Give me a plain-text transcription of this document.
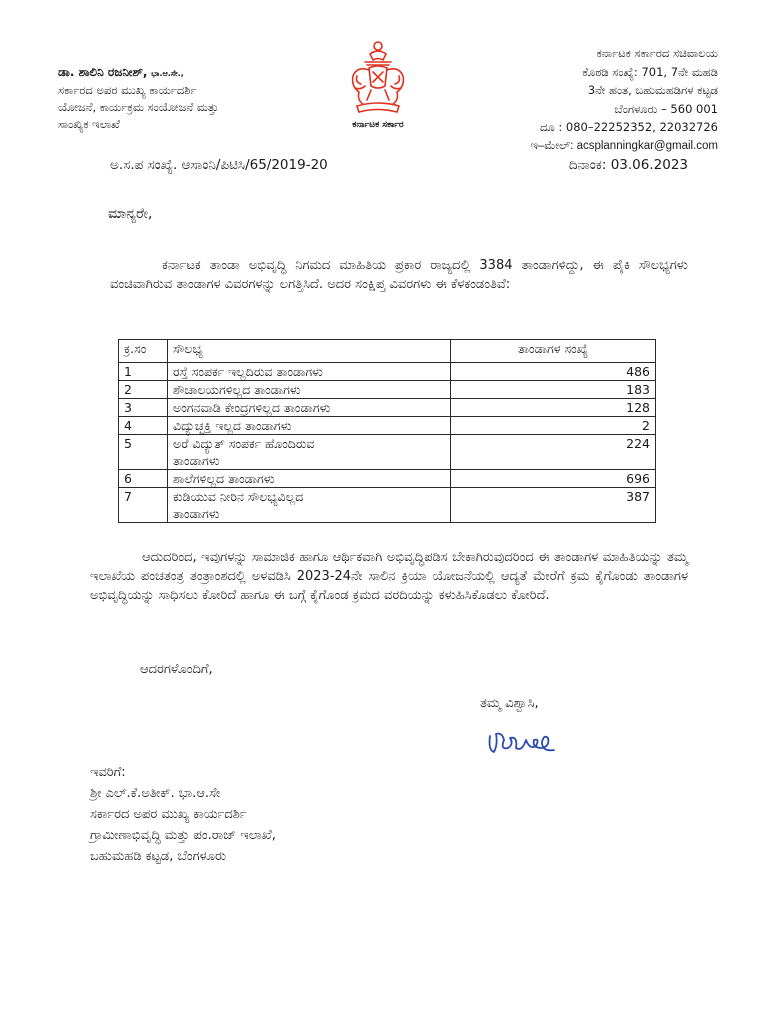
ಡಾ. ಶಾಲಿನಿ ರಜನೀಶ್, ಭಾ.ಆ.ಸೇ.,
ಸರ್ಕಾರದ ಅಪರ ಮುಖ್ಯ ಕಾರ್ಯದರ್ಶಿ
ಯೋಜನೆ, ಕಾರ್ಯಕ್ರಮ ಸಂಯೋಜನೆ ಮತ್ತು
ಸಾಂಖ್ಯಿಕ ಇಲಾಖೆ	ಕರ್ನಾಟಕ ಸರ್ಕಾರ
ಕರ್ನಾಟಕ ಸರ್ಕಾರದ ಸಚಿವಾಲಯ
ಕೊಠಡಿ ಸಂಖ್ಯೆ: 701, 7ನೇ ಮಹಡಿ
3ನೇ ಹಂತ, ಬಹುಮಹಡಿಗಳ ಕಟ್ಟಡ
ಬೆಂಗಳೂರು – 560 001
ದೂ : 080–22252352, 22032726
ಇ–ಮೇಲ್: acsplanningkar@gmail.com
ಅ.ಸ.ಪ ಸಂಖ್ಯೆ. ಆಸಾಂನಿ/ಪಿಟಿಸಿ/65/2019-20	ದಿನಾಂಕ: 03.06.2023
ಮಾನ್ಯರೇ,
ಕರ್ನಾಟಕ ತಾಂಡಾ ಅಭಿವೃದ್ಧಿ ನಿಗಮದ ಮಾಹಿತಿಯ ಪ್ರಕಾರ ರಾಜ್ಯದಲ್ಲಿ 3384 ತಾಂಡಾಗಳಿದ್ದು, ಈ ಪೈಕಿ ಸೌಲಭ್ಯಗಳು ವಂಚಿವಾಗಿರುವ ತಾಂಡಾಗಳ ವಿವರಗಳನ್ನು ಲಗತ್ತಿಸಿದೆ. ಅದರ ಸಂಕ್ಷಿಪ್ತ ವಿವರಗಳು ಈ ಕೆಳಕಂಡಂತಿವೆ:
ಕ್ರ.ಸಂ	ಸೌಲಭ್ಯ	ತಾಂಡಾಗಳ ಸಂಖ್ಯೆ
1	ರಸ್ತೆ ಸಂಪರ್ಕ ಇಲ್ಲದಿರುವ ತಾಂಡಾಗಳು	486
2	ಶೌಚಾಲಯಗಳಿಲ್ಲದ ತಾಂಡಾಗಳು	183
3	ಅಂಗನವಾಡಿ ಕೇಂದ್ರಗಳಿಲ್ಲದ ತಾಂಡಾಗಳು	128
4	ವಿದ್ಯುಚ್ಛಕ್ತಿ ಇಲ್ಲದ ತಾಂಡಾಗಳು	2
5	ಅರೆ ವಿದ್ಯುತ್ ಸಂಪರ್ಕ ಹೊಂದಿರುವ
ತಾಂಡಾಗಳು	224
6	ಶಾಲೆಗಳಿಲ್ಲದ ತಾಂಡಾಗಳು	696
7	ಕುಡಿಯುವ ನೀರಿನ ಸೌಲಭ್ಯವಿಲ್ಲದ
ತಾಂಡಾಗಳು	387
ಆದುದರಿಂದ, ಇವುಗಳನ್ನು ಸಾಮಾಜಿಕ ಹಾಗೂ ಆರ್ಥಿಕವಾಗಿ ಅಭಿವೃದ್ಧಿಪಡಿಸ ಬೇಕಾಗಿರುವುದರಿಂದ ಈ ತಾಂಡಾಗಳ ಮಾಹಿತಿಯನ್ನು ತಮ್ಮ ಇಲಾಖೆಯ ಪಂಚತಂತ್ರ ತಂತ್ರಾಂಶದಲ್ಲಿ ಅಳವಡಿಸಿ 2023-24ನೇ ಸಾಲಿನ ಕ್ರಿಯಾ ಯೋಜನೆಯಲ್ಲಿ ಆದ್ಯತೆ ಮೇರೆಗೆ ಕ್ರಮ ಕೈಗೊಂಡು ತಾಂಡಾಗಳ ಅಭಿವೃದ್ಧಿಯನ್ನು ಸಾಧಿಸಲು ಕೋರಿದೆ ಹಾಗೂ ಈ ಬಗ್ಗೆ ಕೈಗೊಂಡ ಕ್ರಮದ ವರದಿಯನ್ನು ಕಳುಹಿಸಿಕೊಡಲು ಕೋರಿದೆ.
ಆದರಗಳೊಂದಿಗೆ,
ತಮ್ಮ ವಿಶ್ವಾಸಿ,
ಇವರಿಗೆ:
ಶ್ರೀ ಎಲ್.ಕೆ.ಅತೀಕ್. ಭಾ.ಆ.ಸೇ
ಸರ್ಕಾರದ ಅಪರ ಮುಖ್ಯ ಕಾರ್ಯದರ್ಶಿ
ಗ್ರಾಮೀಣಾಭಿವೃದ್ಧಿ ಮತ್ತು ಪಂ.ರಾಜ್ ಇಲಾಖೆ,
ಬಹುಮಹಡಿ ಕಟ್ಟಡ, ಬೆಂಗಳೂರು
